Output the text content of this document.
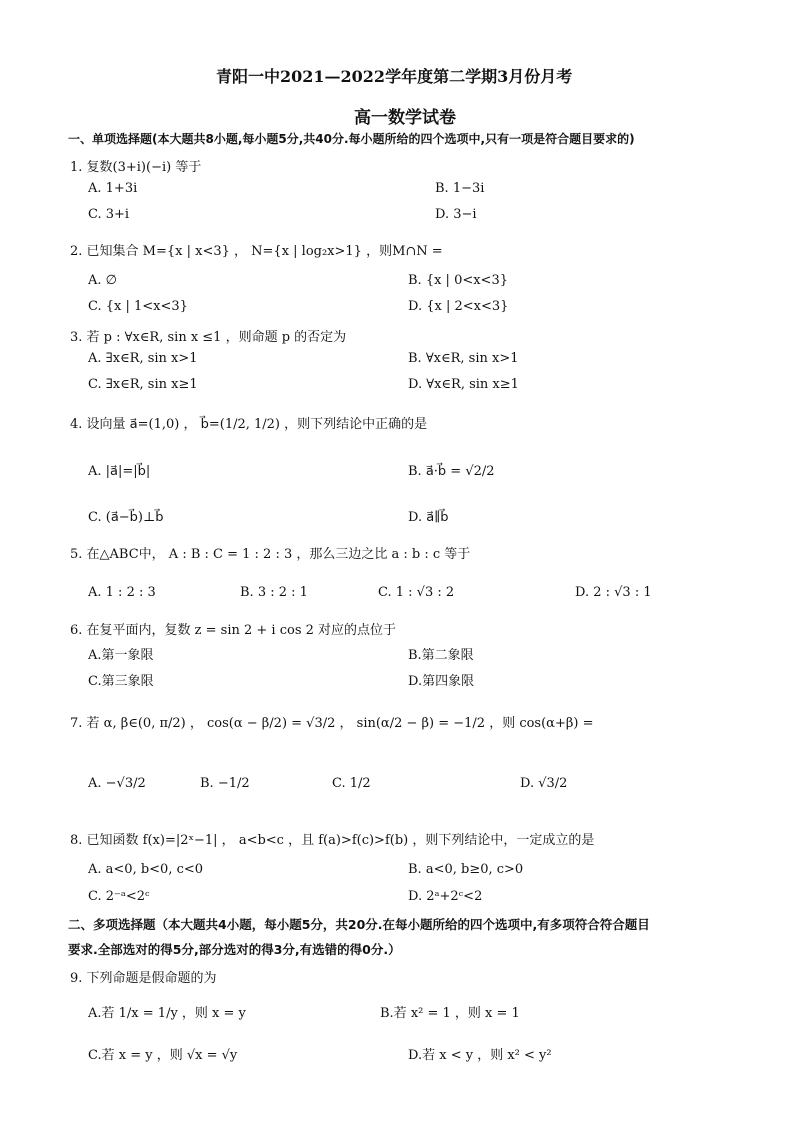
青阳一中2021—2022学年度第二学期3月份月考
高一数学试卷
一、单项选择题(本大题共8小题,每小题5分,共40分.每小题所给的四个选项中,只有一项是符合题目要求的)
1. 复数(3+i)(−i) 等于
A. 1+3i	B. 1−3i
C. 3+i	D. 3−i
2. 已知集合 M={x | x<3} ， N={x | log₂x>1} ，则M∩N =
A. ∅	B. {x | 0<x<3}
C. {x | 1<x<3}	D. {x | 2<x<3}
3. 若 p : ∀x∈R, sin x ≤1 ，则命题 p 的否定为
A. ∃x∈R, sin x>1	B. ∀x∈R, sin x>1
C. ∃x∈R, sin x≥1	D. ∀x∈R, sin x≥1
4. 设向量 a⃗=(1,0) ， b⃗=(1/2, 1/2) ，则下列结论中正确的是
A. |a⃗|=|b⃗|	B. a⃗·b⃗ = √2/2
C. (a⃗−b⃗)⊥b⃗	D. a⃗∥b⃗
5. 在△ABC中， A : B : C = 1 : 2 : 3 ，那么三边之比 a : b : c 等于
A. 1 : 2 : 3	B. 3 : 2 : 1	C. 1 : √3 : 2	D. 2 : √3 : 1
6. 在复平面内，复数 z = sin 2 + i cos 2 对应的点位于
A.第一象限	B.第二象限
C.第三象限	D.第四象限
7. 若 α, β∈(0, π/2) ， cos(α − β/2) = √3/2 ， sin(α/2 − β) = −1/2 ，则 cos(α+β) =
A. −√3/2	B. −1/2	C. 1/2	D. √3/2
8. 已知函数 f(x)=|2ˣ−1| ， a<b<c ，且 f(a)>f(c)>f(b) ，则下列结论中，一定成立的是
A. a<0, b<0, c<0	B. a<0, b≥0, c>0
C. 2⁻ᵃ<2ᶜ	D. 2ᵃ+2ᶜ<2
二、多项选择题（本大题共4小题，每小题5分，共20分.在每小题所给的四个选项中,有多项符合符合题目
要求.全部选对的得5分,部分选对的得3分,有选错的得0分.）
9. 下列命题是假命题的为
A.若 1/x = 1/y ，则 x = y	B.若 x² = 1 ，则 x = 1
C.若 x = y ，则 √x = √y	D.若 x < y ，则 x² < y²
